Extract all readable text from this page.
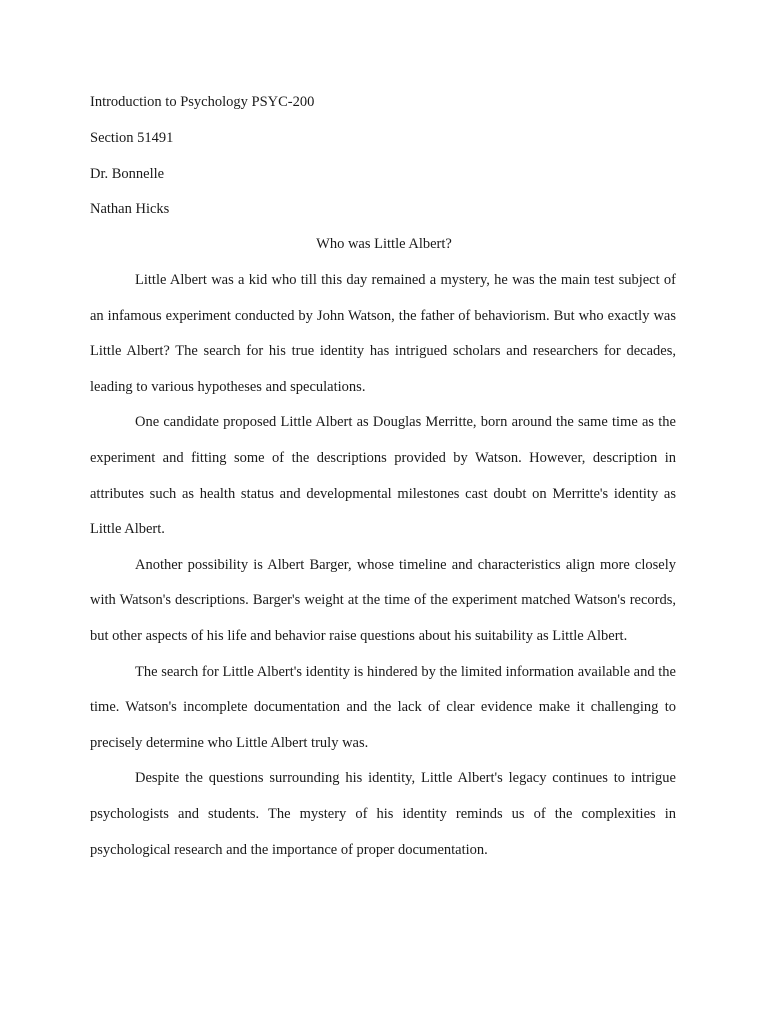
Introduction to Psychology PSYC-200
Section 51491
Dr. Bonnelle
Nathan Hicks
Who was Little Albert?

Little Albert was a kid who till this day remained a mystery, he was the main test subject of an infamous experiment conducted by John Watson, the father of behaviorism. But who exactly was Little Albert? The search for his true identity has intrigued scholars and researchers for decades, leading to various hypotheses and speculations.

One candidate proposed Little Albert as Douglas Merritte, born around the same time as the experiment and fitting some of the descriptions provided by Watson. However, description in attributes such as health status and developmental milestones cast doubt on Merritte's identity as Little Albert.

Another possibility is Albert Barger, whose timeline and characteristics align more closely with Watson's descriptions. Barger's weight at the time of the experiment matched Watson's records, but other aspects of his life and behavior raise questions about his suitability as Little Albert.

The search for Little Albert's identity is hindered by the limited information available and the time. Watson's incomplete documentation and the lack of clear evidence make it challenging to precisely determine who Little Albert truly was.

Despite the questions surrounding his identity, Little Albert's legacy continues to intrigue psychologists and students. The mystery of his identity reminds us of the complexities in psychological research and the importance of proper documentation.
